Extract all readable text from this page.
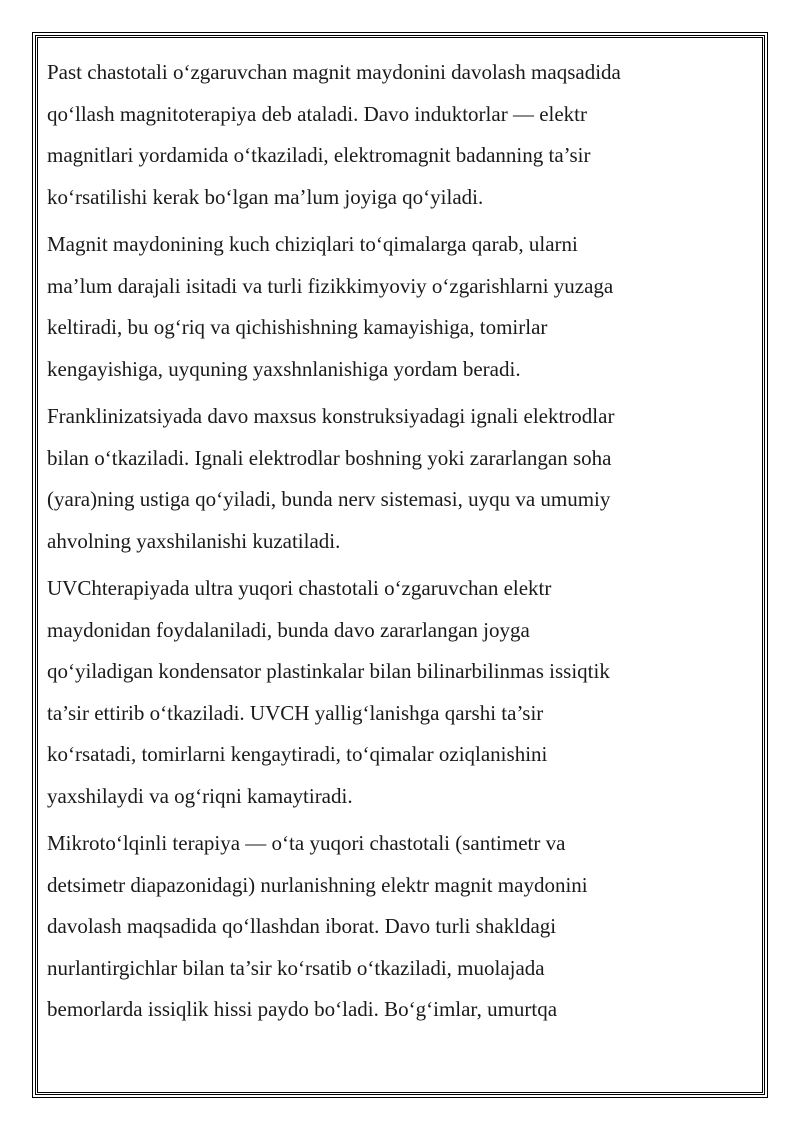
Past chastotali o‘zgaruvchan magnit maydonini davolash maqsadida
qo‘llash magnitoterapiya deb ataladi. Davo induktorlar — elektr
magnitlari yordamida o‘tkaziladi, elektromagnit badanning ta’sir
ko‘rsatilishi kerak bo‘lgan ma’lum joyiga qo‘yiladi.

Magnit maydonining kuch chiziqlari to‘qimalarga qarab, ularni
ma’lum darajali isitadi va turli fizikkimyoviy o‘zgarishlarni yuzaga
keltiradi, bu og‘riq va qichishishning kamayishiga, tomirlar
kengayishiga, uyquning yaxshnlanishiga yordam beradi.

Franklinizatsiyada davo maxsus konstruksiyadagi ignali elektrodlar
bilan o‘tkaziladi. Ignali elektrodlar boshning yoki zararlangan soha
(yara)ning ustiga qo‘yiladi, bunda nerv sistemasi, uyqu va umumiy
ahvolning yaxshilanishi kuzatiladi.

UVChterapiyada ultra yuqori chastotali o‘zgaruvchan elektr
maydonidan foydalaniladi, bunda davo zararlangan joyga
qo‘yiladigan kondensator plastinkalar bilan bilinarbilinmas issiqtik
ta’sir ettirib o‘tkaziladi. UVCH yallig‘lanishga qarshi ta’sir
ko‘rsatadi, tomirlarni kengaytiradi, to‘qimalar oziqlanishini
yaxshilaydi va og‘riqni kamaytiradi.

Mikroto‘lqinli terapiya — o‘ta yuqori chastotali (santimetr va
detsimetr diapazonidagi) nurlanishning elektr magnit maydonini
davolash maqsadida qo‘llashdan iborat. Davo turli shakldagi
nurlantirgichlar bilan ta’sir ko‘rsatib o‘tkaziladi, muolajada
bemorlarda issiqlik hissi paydo bo‘ladi. Bo‘g‘imlar, umurtqa
